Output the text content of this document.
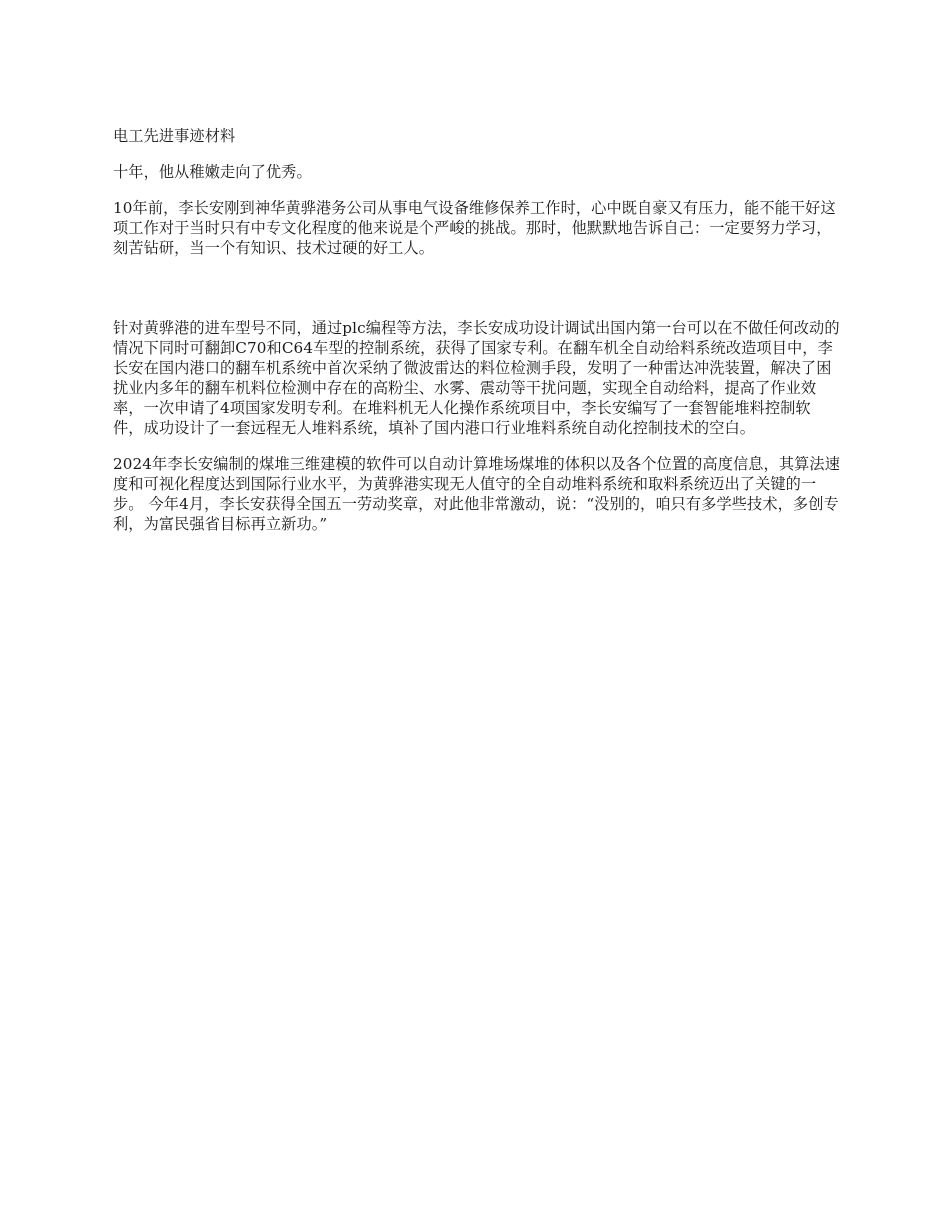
电工先进事迹材料

十年，他从稚嫩走向了优秀。

10年前，李长安刚到神华黄骅港务公司从事电气设备维修保养工作时，心中既自豪又有压力，能不能干好这项工作对于当时只有中专文化程度的他来说是个严峻的挑战。那时，他默默地告诉自己：一定要努力学习，刻苦钻研，当一个有知识、技术过硬的好工人。

针对黄骅港的进车型号不同，通过plc编程等方法，李长安成功设计调试出国内第一台可以在不做任何改动的情况下同时可翻卸C70和C64车型的控制系统，获得了国家专利。在翻车机全自动给料系统改造项目中，李长安在国内港口的翻车机系统中首次采纳了微波雷达的料位检测手段，发明了一种雷达冲洗装置，解决了困扰业内多年的翻车机料位检测中存在的高粉尘、水雾、震动等干扰问题，实现全自动给料，提高了作业效率，一次申请了4项国家发明专利。在堆料机无人化操作系统项目中，李长安编写了一套智能堆料控制软件，成功设计了一套远程无人堆料系统，填补了国内港口行业堆料系统自动化控制技术的空白。

2024年李长安编制的煤堆三维建模的软件可以自动计算堆场煤堆的体积以及各个位置的高度信息，其算法速度和可视化程度达到国际行业水平，为黄骅港实现无人值守的全自动堆料系统和取料系统迈出了关键的一步。 今年4月，李长安获得全国五一劳动奖章，对此他非常激动，说：“没别的，咱只有多学些技术，多创专利，为富民强省目标再立新功。”
